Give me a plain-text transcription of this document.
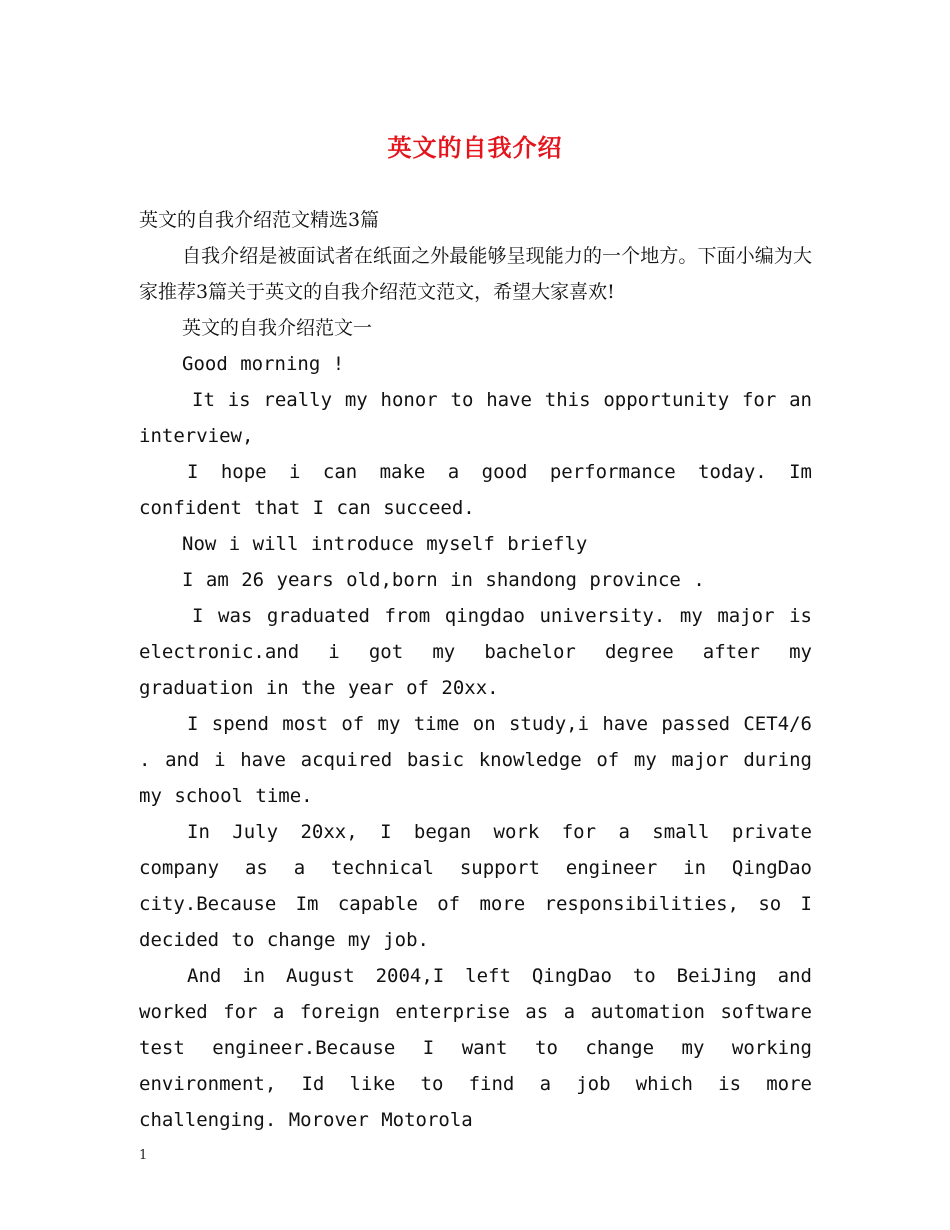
英文的自我介绍

英文的自我介绍范文精选3篇

自我介绍是被面试者在纸面之外最能够呈现能力的一个地方。下面小编为大家推荐3篇关于英文的自我介绍范文范文，希望大家喜欢!

英文的自我介绍范文一

Good morning !

It is really my honor to have this opportunity for an interview,

I hope i can make a good performance today. Im confident that I can succeed.

Now i will introduce myself briefly

I am 26 years old,born in shandong province .

I was graduated from qingdao university. my major is electronic.and i got my bachelor degree after my graduation in the year of 20xx.

I spend most of my time on study,i have passed CET4/6 . and i have acquired basic knowledge of my major during my school time.

In July 20xx, I began work for a small private company as a technical support engineer in QingDao city.Because Im capable of more responsibilities, so I decided to change my job.

And in August 2004,I left QingDao to BeiJing and worked for a foreign enterprise as a automation software test engineer.Because I want to change my working environment, Id like to find a job which is more challenging. Morover Motorola

1
